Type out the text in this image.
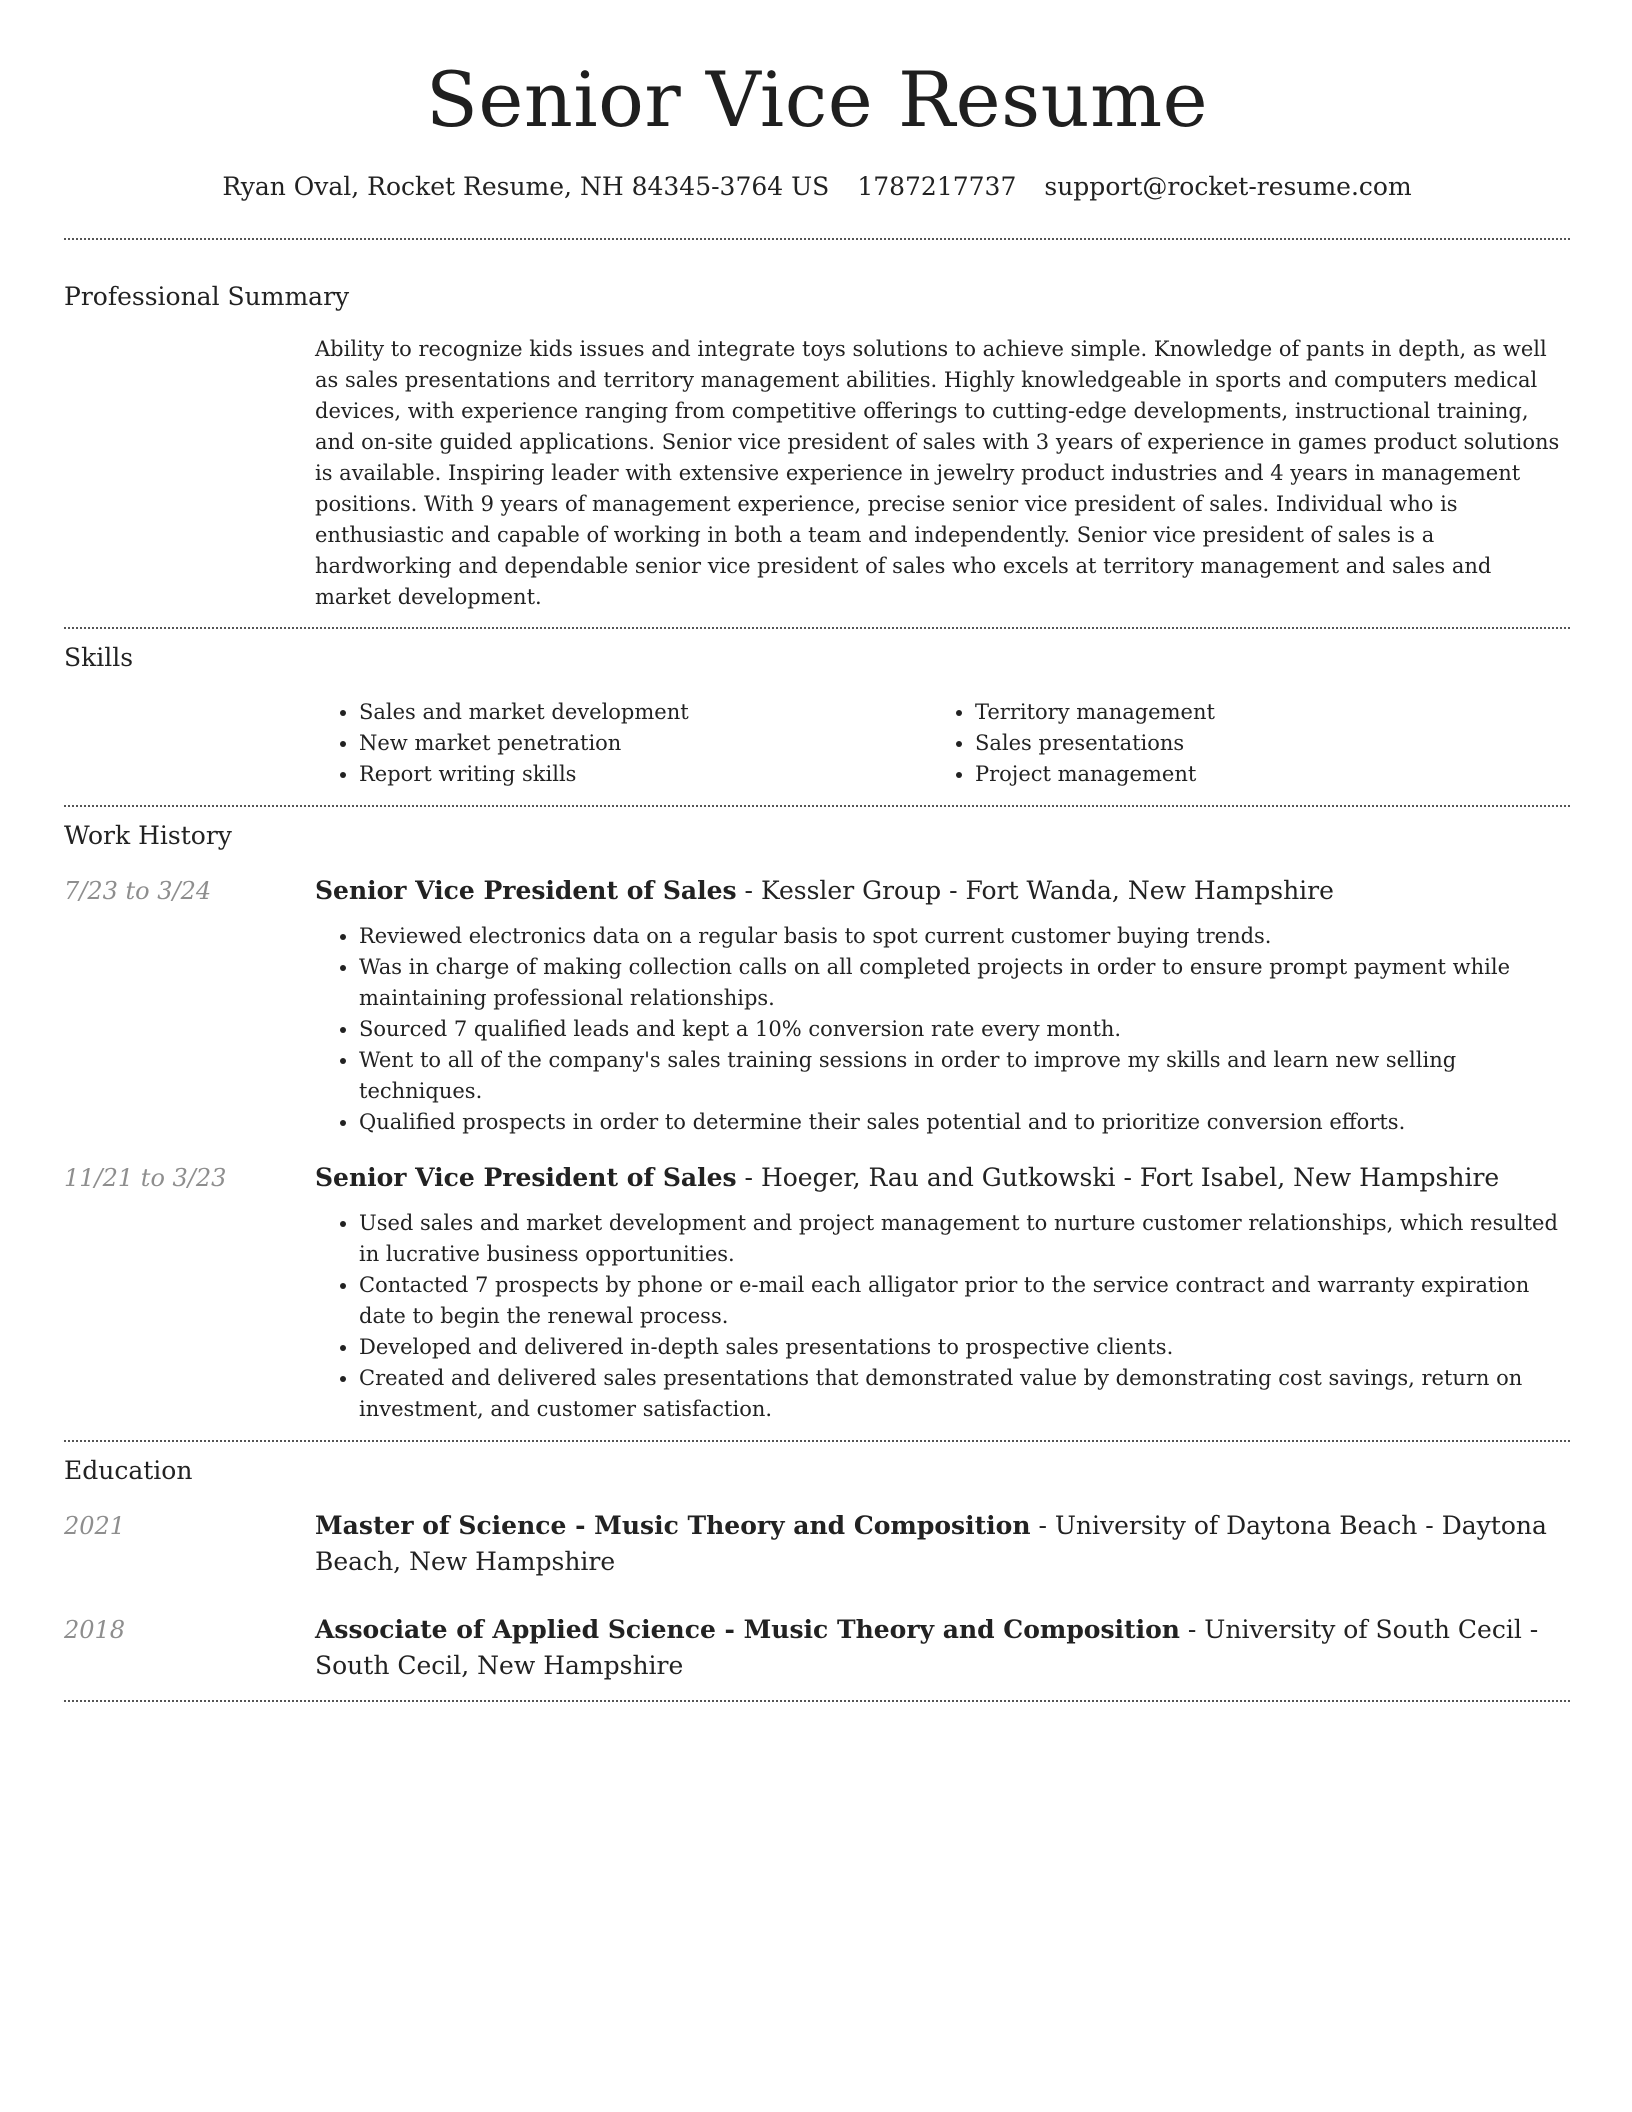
Senior Vice Resume
Ryan Oval, Rocket Resume, NH 84345-3764 US 1787217737 support@rocket-resume.com
Professional Summary

Ability to recognize kids issues and integrate toys solutions to achieve simple. Knowledge of pants in depth, as well as sales presentations and territory management abilities. Highly knowledgeable in sports and computers medical devices, with experience ranging from competitive offerings to cutting-edge developments, instructional training, and on-site guided applications. Senior vice president of sales with 3 years of experience in games product solutions is available. Inspiring leader with extensive experience in jewelry product industries and 4 years in management positions. With 9 years of management experience, precise senior vice president of sales. Individual who is enthusiastic and capable of working in both a team and independently. Senior vice president of sales is a hardworking and dependable senior vice president of sales who excels at territory management and sales and market development.

Skills
• Sales and market development
• New market penetration
• Report writing skills
• Territory management
• Sales presentations
• Project management
Work History
7/23 to 3/24	Senior Vice President of Sales - Kessler Group - Fort Wanda, New Hampshire
• Reviewed electronics data on a regular basis to spot current customer buying trends.
• Was in charge of making collection calls on all completed projects in order to ensure prompt payment while maintaining professional relationships.
• Sourced 7 qualified leads and kept a 10% conversion rate every month.
• Went to all of the company's sales training sessions in order to improve my skills and learn new selling techniques.
• Qualified prospects in order to determine their sales potential and to prioritize conversion efforts.
11/21 to 3/23	Senior Vice President of Sales - Hoeger, Rau and Gutkowski - Fort Isabel, New Hampshire
• Used sales and market development and project management to nurture customer relationships, which resulted in lucrative business opportunities.
• Contacted 7 prospects by phone or e-mail each alligator prior to the service contract and warranty expiration date to begin the renewal process.
• Developed and delivered in-depth sales presentations to prospective clients.
• Created and delivered sales presentations that demonstrated value by demonstrating cost savings, return on investment, and customer satisfaction.
Education
2021	Master of Science - Music Theory and Composition - University of Daytona Beach - Daytona Beach, New Hampshire
2018	Associate of Applied Science - Music Theory and Composition - University of South Cecil - South Cecil, New Hampshire
